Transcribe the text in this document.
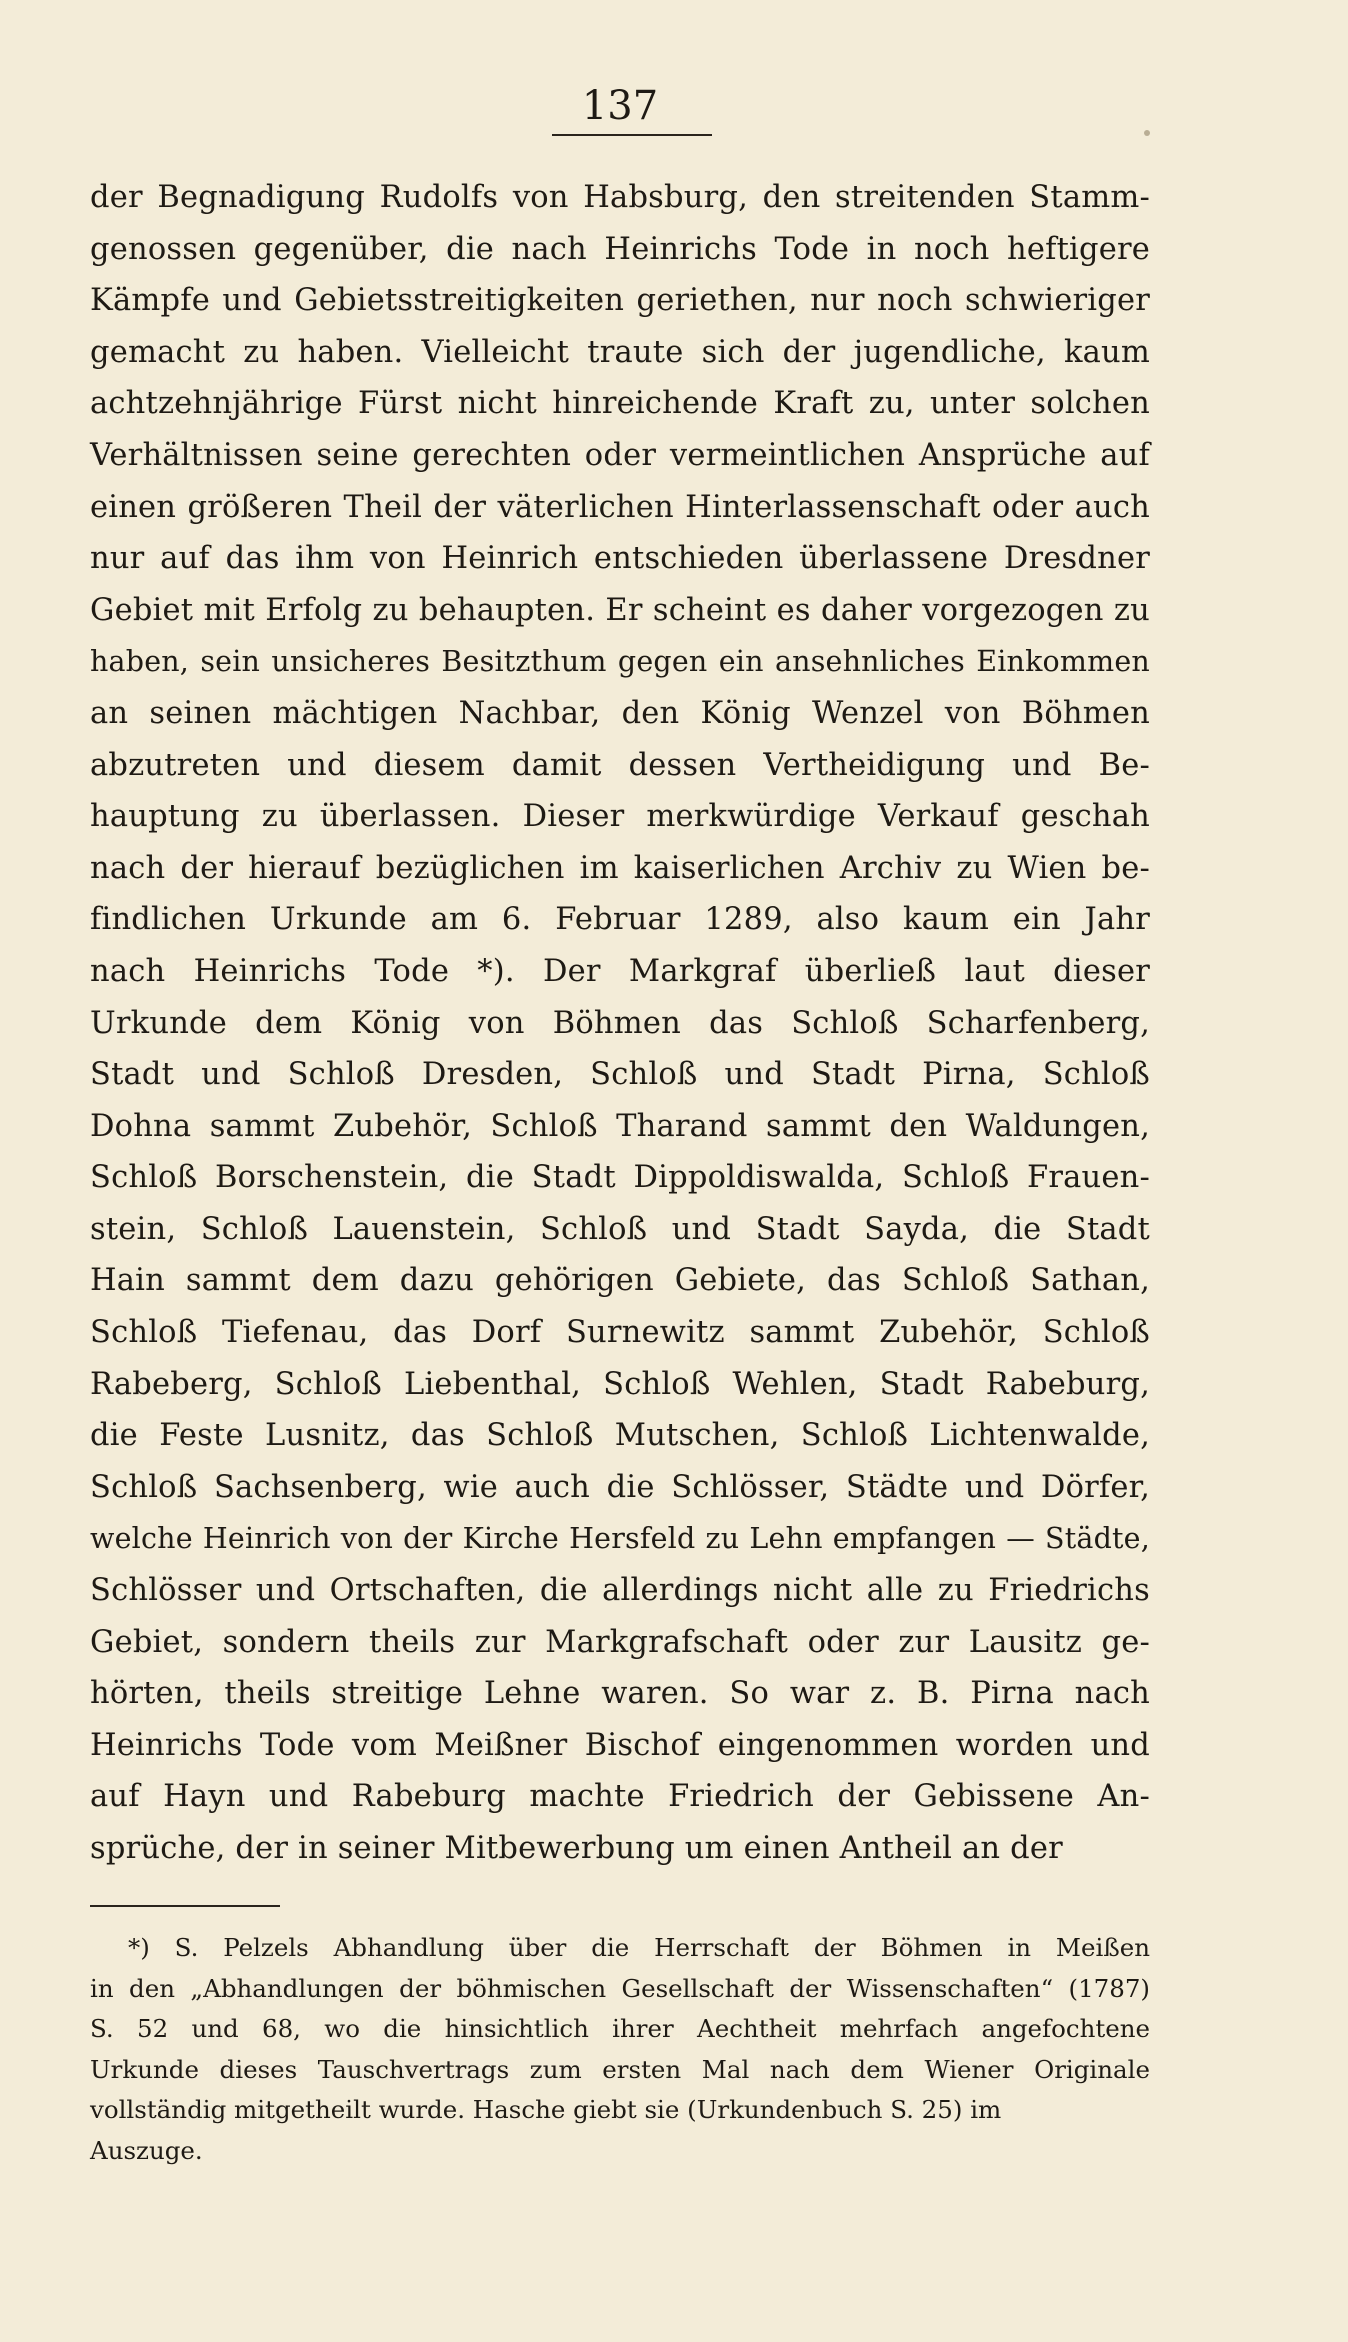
137
der Begnadigung Rudolfs von Habsburg, den streitenden Stamm-
genossen gegenüber, die nach Heinrichs Tode in noch heftigere
Kämpfe und Gebietsstreitigkeiten geriethen, nur noch schwieriger
gemacht zu haben. Vielleicht traute sich der jugendliche, kaum
achtzehnjährige Fürst nicht hinreichende Kraft zu, unter solchen
Verhältnissen seine gerechten oder vermeintlichen Ansprüche auf
einen größeren Theil der väterlichen Hinterlassenschaft oder auch
nur auf das ihm von Heinrich entschieden überlassene Dresdner
Gebiet mit Erfolg zu behaupten. Er scheint es daher vorgezogen zu
haben, sein unsicheres Besitzthum gegen ein ansehnliches Einkommen
an seinen mächtigen Nachbar, den König Wenzel von Böhmen
abzutreten und diesem damit dessen Vertheidigung und Be-
hauptung zu überlassen. Dieser merkwürdige Verkauf geschah
nach der hierauf bezüglichen im kaiserlichen Archiv zu Wien be-
findlichen Urkunde am 6. Februar 1289, also kaum ein Jahr
nach Heinrichs Tode *). Der Markgraf überließ laut dieser
Urkunde dem König von Böhmen das Schloß Scharfenberg,
Stadt und Schloß Dresden, Schloß und Stadt Pirna, Schloß
Dohna sammt Zubehör, Schloß Tharand sammt den Waldungen,
Schloß Borschenstein, die Stadt Dippoldiswalda, Schloß Frauen-
stein, Schloß Lauenstein, Schloß und Stadt Sayda, die Stadt
Hain sammt dem dazu gehörigen Gebiete, das Schloß Sathan,
Schloß Tiefenau, das Dorf Surnewitz sammt Zubehör, Schloß
Rabeberg, Schloß Liebenthal, Schloß Wehlen, Stadt Rabeburg,
die Feste Lusnitz, das Schloß Mutschen, Schloß Lichtenwalde,
Schloß Sachsenberg, wie auch die Schlösser, Städte und Dörfer,
welche Heinrich von der Kirche Hersfeld zu Lehn empfangen — Städte,
Schlösser und Ortschaften, die allerdings nicht alle zu Friedrichs
Gebiet, sondern theils zur Markgrafschaft oder zur Lausitz ge-
hörten, theils streitige Lehne waren. So war z. B. Pirna nach
Heinrichs Tode vom Meißner Bischof eingenommen worden und
auf Hayn und Rabeburg machte Friedrich der Gebissene An-
sprüche, der in seiner Mitbewerbung um einen Antheil an der
*) S. Pelzels Abhandlung über die Herrschaft der Böhmen in Meißen
in den „Abhandlungen der böhmischen Gesellschaft der Wissenschaften“ (1787)
S. 52 und 68, wo die hinsichtlich ihrer Aechtheit mehrfach angefochtene
Urkunde dieses Tauschvertrags zum ersten Mal nach dem Wiener Originale
vollständig mitgetheilt wurde. Hasche giebt sie (Urkundenbuch S. 25) im
Auszuge.
